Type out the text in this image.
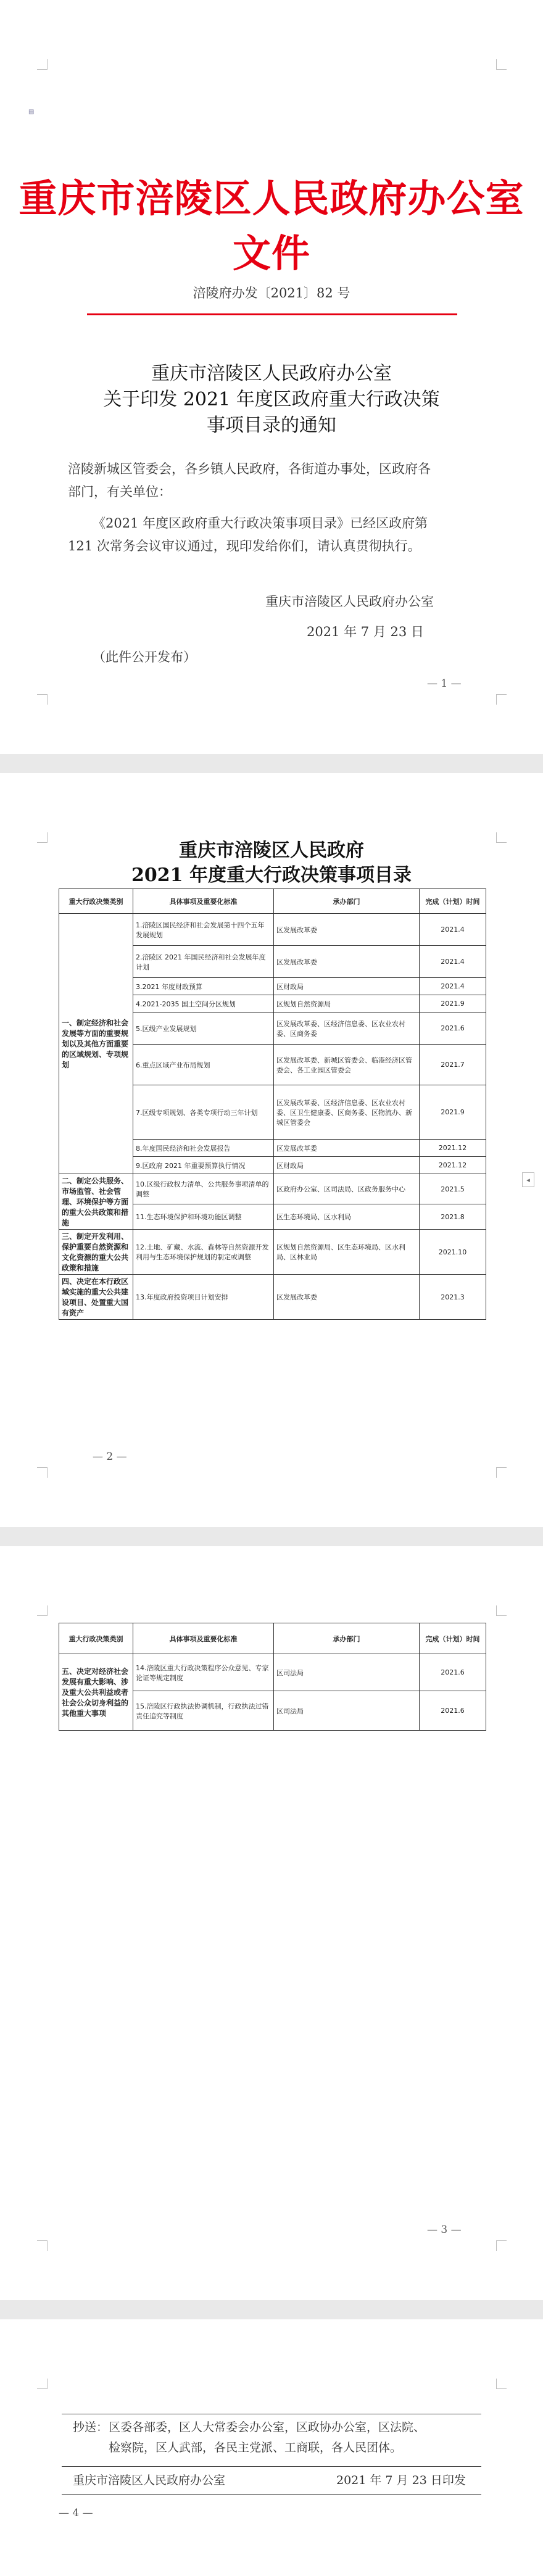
▤
重庆市涪陵区人民政府办公室文件
涪陵府办发〔2021〕82 号
重庆市涪陵区人民政府办公室
关于印发 2021 年度区政府重大行政决策
事项目录的通知
涪陵新城区管委会，各乡镇人民政府，各街道办事处，区政府各
部门，有关单位：
《2021 年度区政府重大行政决策事项目录》已经区政府第
121 次常务会议审议通过，现印发给你们，请认真贯彻执行。
重庆市涪陵区人民政府办公室
2021 年 7 月 23 日
（此件公开发布）
— 1 —
重庆市涪陵区人民政府
2021 年度重大行政决策事项目录
重大行政决策类别	具体事项及重要化标准	承办部门	完成（计划）时间
一、制定经济和社会发展等方面的重要规划以及其他方面重要的区域规划、专项规划	1.涪陵区国民经济和社会发展第十四个五年发展规划	区发展改革委	2021.4
	2.涪陵区 2021 年国民经济和社会发展年度计划	区发展改革委	2021.4
	3.2021 年度财政预算	区财政局	2021.4
	4.2021-2035 国土空间分区规划	区规划自然资源局	2021.9
	5.区级产业发展规划	区发展改革委、区经济信息委、区农业农村委、区商务委	2021.6
	6.重点区域产业布局规划	区发展改革委、新城区管委会、临港经济区管委会、各工业园区管委会	2021.7
	7.区级专项规划、各类专项行动三年计划	区发展改革委、区经济信息委、区农业农村委、区卫生健康委、区商务委、区物流办、新城区管委会	2021.9
	8.年度国民经济和社会发展报告	区发展改革委	2021.12
	9.区政府 2021 年重要预算执行情况	区财政局	2021.12
二、制定公共服务、市场监管、社会管理、环境保护等方面的重大公共政策和措施	10.区级行政权力清单、公共服务事项清单的调整	区政府办公室、区司法局、区政务服务中心	2021.5
	11.生态环境保护和环境功能区调整	区生态环境局、区水利局	2021.8
三、制定开发利用、保护重要自然资源和文化资源的重大公共政策和措施	12.土地、矿藏、水流、森林等自然资源开发利用与生态环境保护规划的制定或调整	区规划自然资源局、区生态环境局、区水利局、区林业局	2021.10
四、决定在本行政区域实施的重大公共建设项目、处置重大国有资产	13.年度政府投资项目计划安排	区发展改革委	2021.3
— 2 —
重大行政决策类别	具体事项及重要化标准	承办部门	完成（计划）时间
五、决定对经济社会发展有重大影响、涉及重大公共利益或者社会公众切身利益的其他重大事项	14.涪陵区重大行政决策程序公众意见、专家论证等规定制度	区司法局	2021.6
	15.涪陵区行政执法协调机制，行政执法过错责任追究等制度	区司法局	2021.6
— 3 —
抄送： 区委各部委，区人大常委会办公室，区政协办公室，区法院、
检察院，区人武部，各民主党派、工商联，各人民团体。
重庆市涪陵区人民政府办公室	2021 年 7 月 23 日印发
— 4 —
◂
